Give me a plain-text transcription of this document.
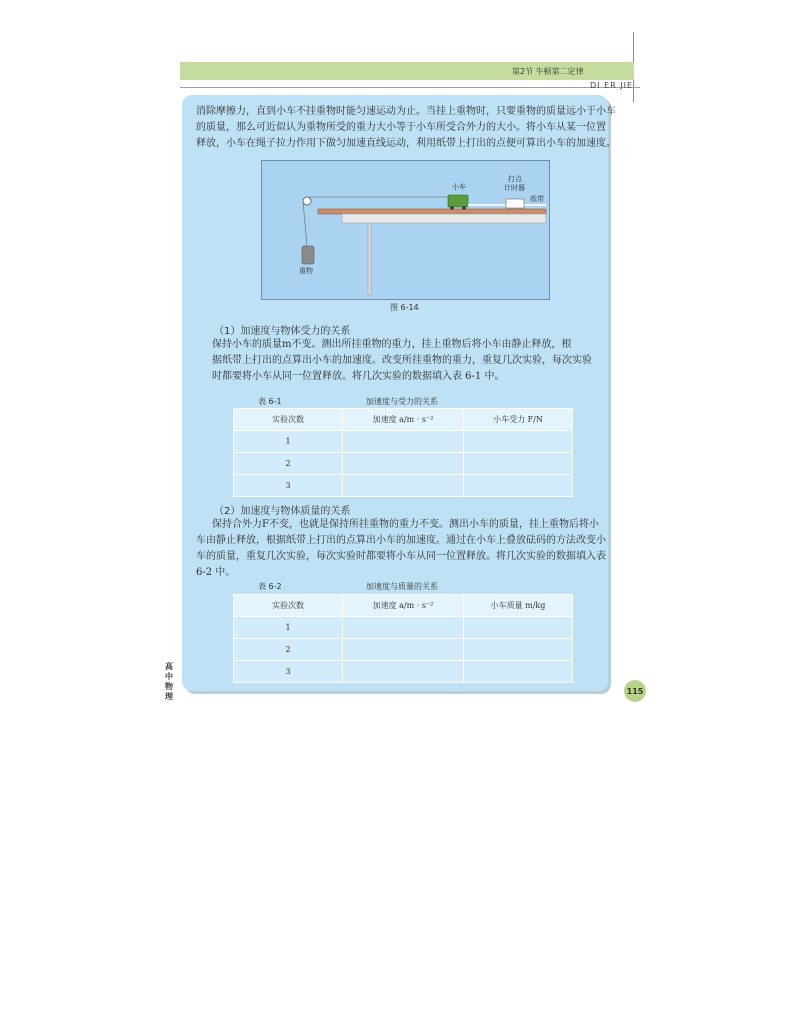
第2节 牛顿第二定律
DI ER JIE
消除摩擦力，直到小车不挂重物时能匀速运动为止。当挂上重物时，只要重物的质量远小于小车
的质量，那么可近似认为重物所受的重力大小等于小车所受合外力的大小。将小车从某一位置
释放，小车在绳子拉力作用下做匀加速直线运动，利用纸带上打出的点便可算出小车的加速度。
小车
打点
计时器
纸带
重物
图 6-14
（1）加速度与物体受力的关系
保持小车的质量m不变。测出所挂重物的重力，挂上重物后将小车由静止释放，根
据纸带上打出的点算出小车的加速度。改变所挂重物的重力，重复几次实验，每次实验
时都要将小车从同一位置释放。将几次实验的数据填入表 6-1 中。
表 6-1	加速度与受力的关系
实验次数	加速度 a/m · s⁻²	小车受力 F/N
1		
2		
3		
（2）加速度与物体质量的关系
保持合外力F不变，也就是保持所挂重物的重力不变。测出小车的质量，挂上重物后将小
车由静止释放，根据纸带上打出的点算出小车的加速度。通过在小车上叠放砝码的方法改变小
车的质量，重复几次实验，每次实验时都要将小车从同一位置释放。将几次实验的数据填入表
6-2 中。
表 6-2	加速度与质量的关系
实验次数	加速度 a/m · s⁻²	小车质量 m/kg
1		
2		
3		
高中物理
115
